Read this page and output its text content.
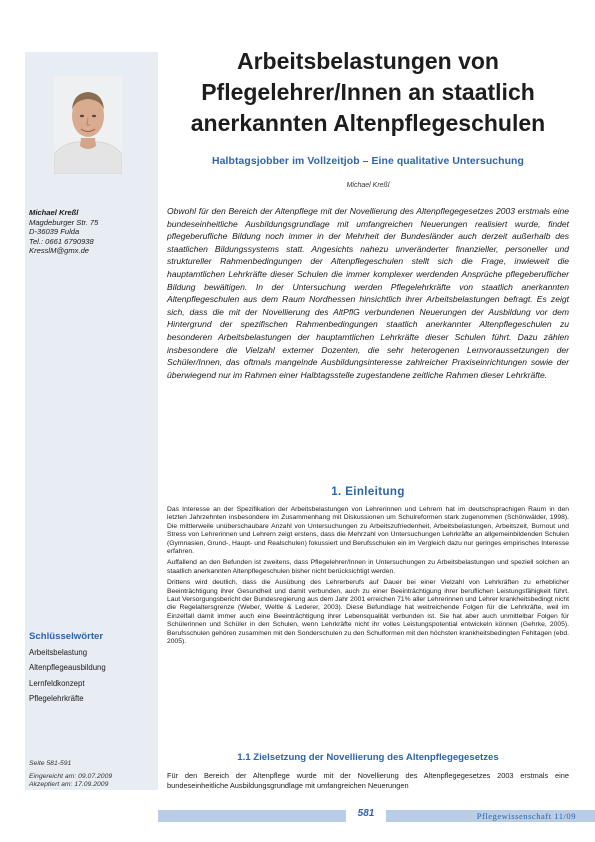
Michael Kreßl
Magdeburger Str. 75
D-36039 Fulda
Tel.: 0661 6790938
KresslM@gmx.de
Schlüsselwörter
Arbeitsbelastung
Altenpflegeausbildung
Lernfeldkonzept
Pflegelehrkräfte
Seite 581-591
Eingereicht am: 09.07.2009
Akzeptiert am: 17.09.2009
Arbeitsbelastungen von
Pflegelehrer/Innen an staatlich
anerkannten Altenpflegeschulen
Halbtagsjobber im Vollzeitjob – Eine qualitative Untersuchung
Michael Kreßl

Obwohl für den Bereich der Altenpflege mit der Novellierung des Altenpflegegesetzes 2003 erstmals eine bundeseinheitliche Ausbildungsgrundlage mit umfangreichen Neuerungen realisiert wurde, findet pflegeberufliche Bildung noch immer in der Mehrheit der Bundesländer auch derzeit außerhalb des staatlichen Bildungssystems statt. Angesichts nahezu unveränderter finanzieller, personeller und struktureller Rahmenbedingungen der Altenpflegeschulen stellt sich die Frage, inwieweit die hauptamtlichen Lehrkräfte dieser Schulen die immer komplexer werdenden Ansprüche pflegeberuflicher Bildung bewältigen. In der Untersuchung werden Pflegelehrkräfte von staatlich anerkannten Altenpflegeschulen aus dem Raum Nordhessen hinsichtlich ihrer Arbeitsbelastungen befragt. Es zeigt sich, dass die mit der Novellierung des AltPflG verbundenen Neuerungen der Ausbildung vor dem Hintergrund der spezifischen Rahmenbedingungen staatlich anerkannter Altenpflegeschulen zu besonderen Arbeitsbelastungen der hauptamtlichen Lehrkräfte dieser Schulen führt. Dazu zählen insbesondere die Vielzahl externer Dozenten, die sehr heterogenen Lernvoraussetzungen der Schüler/Innen, das oftmals mangelnde Ausbildungsinteresse zahlreicher Praxiseinrichtungen sowie der überwiegend nur im Rahmen einer Halbtagsstelle zugestandene zeitliche Rahmen dieser Lehrkräfte.

1. Einleitung

Das Interesse an der Spezifikation der Arbeitsbelastungen von Lehrerinnen und Lehrern hat im deutschsprachigen Raum in den letzten Jahrzehnten insbesondere im Zusammenhang mit Diskussionen um Schulreformen stark zugenommen (Schönwälder, 1998). Die mittlerweile unüberschaubare Anzahl von Untersuchungen zu Arbeitszufriedenheit, Arbeitsbelastungen, Arbeitszeit, Burnout und Stress von Lehrerinnen und Lehrern zeigt erstens, dass die Mehrzahl von Untersuchungen Lehrkräfte an allgemeinbildenden Schulen (Gymnasien, Grund-, Haupt- und Realschulen) fokussiert und Berufsschulen ein im Vergleich dazu nur geringes empirisches Interesse erfahren.

Auffallend an den Befunden ist zweitens, dass Pflegelehrer/Innen in Untersuchungen zu Arbeitsbelastungen und speziell solchen an staatlich anerkannten Altenpflegeschulen bisher nicht berücksichtigt werden.

Drittens wird deutlich, dass die Ausübung des Lehrerberufs auf Dauer bei einer Vielzahl von Lehrkräften zu erheblicher Beeinträchtigung ihrer Gesundheit und damit verbunden, auch zu einer Beeinträchtigung ihrer beruflichen Leistungsfähigkeit führt. Laut Versorgungsbericht der Bundesregierung aus dem Jahr 2001 erreichen 71% aller Lehrerinnen und Lehrer krankheitsbedingt nicht die Regelaltersgrenze (Weber, Weltle & Lederer, 2003). Diese Befundlage hat weitreichende Folgen für die Lehrkräfte, weil im Einzelfall damit immer auch eine Beeinträchtigung ihrer Lebensqualität verbunden ist. Sie hat aber auch unmittelbar Folgen für Schülerinnen und Schüler in den Schulen, wenn Lehrkräfte nicht ihr volles Leistungspotential entwickeln können (Gehrke, 2005). Berufsschulen gehören zusammen mit den Sonderschulen zu den Schulformen mit den höchsten krankheitsbedingten Fehltagen (ebd. 2005).

1.1 Zielsetzung der Novellierung des Altenpflegegesetzes

Für den Bereich der Altenpflege wurde mit der Novellierung des Altenpflegegesetzes 2003 erstmals eine bundeseinheitliche Ausbildungsgrundlage mit umfangreichen Neuerungen

581	Pflegewissenschaft 11/09
